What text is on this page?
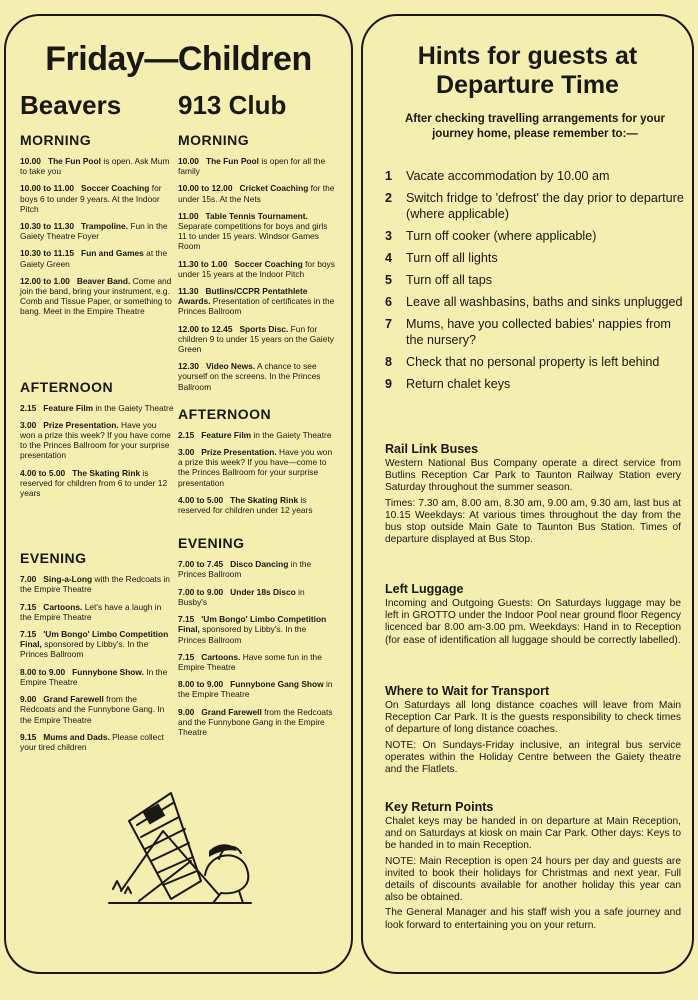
Friday—Children
Beavers
MORNING

10.00 The Fun Pool is open. Ask Mum to take you

10.00 to 11.00 Soccer Coaching for boys 6 to under 9 years. At the Indoor Pitch

10.30 to 11.30 Trampoline. Fun in the Gaiety Theatre Foyer

10.30 to 11.15 Fun and Games at the Gaiety Green

12.00 to 1.00 Beaver Band. Come and join the band, bring your instrument, e.g. Comb and Tissue Paper, or something to bang. Meet in the Empire Theatre

AFTERNOON

2.15 Feature Film in the Gaiety Theatre

3.00 Prize Presentation. Have you won a prize this week? If you have come to the Princes Ballroom for your surprise presentation

4.00 to 5.00 The Skating Rink is reserved for children from 6 to under 12 years

EVENING

7.00 Sing-a-Long with the Redcoats in the Empire Theatre

7.15 Cartoons. Let's have a laugh in the Empire Theatre

7.15 'Um Bongo' Limbo Competition Final, sponsored by Libby's. In the Princes Ballroom

8.00 to 9.00 Funnybone Show. In the Empire Theatre

9.00 Grand Farewell from the Redcoats and the Funnybone Gang. In the Empire Theatre

9.15 Mums and Dads. Please collect your tired children

913 Club
MORNING

10.00 The Fun Pool is open for all the family

10.00 to 12.00 Cricket Coaching for the under 15s. At the Nets

11.00 Table Tennis Tournament. Separate competitions for boys and girls 11 to under 15 years. Windsor Games Room

11.30 to 1.00 Soccer Coaching for boys under 15 years at the Indoor Pitch

11.30 Butlins/CCPR Pentathlete Awards. Presentation of certificates in the Princes Ballroom

12.00 to 12.45 Sports Disc. Fun for children 9 to under 15 years on the Gaiety Green

12.30 Video News. A chance to see yourself on the screens. In the Princes Ballroom

AFTERNOON

2.15 Feature Film in the Gaiety Theatre

3.00 Prize Presentation. Have you won a prize this week? If you have—come to the Princes Ballroom for your surprise presentation

4.00 to 5.00 The Skating Rink is reserved for children under 12 years

EVENING

7.00 to 7.45 Disco Dancing in the Princes Ballroom

7.00 to 9.00 Under 18s Disco in Busby's

7.15 'Um Bongo' Limbo Competition Final, sponsored by Libby's. In the Princes Ballroom

7.15 Cartoons. Have some fun in the Empire Theatre

8.00 to 9.00 Funnybone Gang Show in the Empire Theatre

9.00 Grand Farewell from the Redcoats and the Funnybone Gang in the Empire Theatre

Hints for guests at
Departure Time

After checking travelling arrangements for your journey home, please remember to:—

1
	Vacate accommodation by 10.00 am
2
	Switch fridge to 'defrost' the day prior to departure (where applicable)
3
	Turn off cooker (where applicable)
4
	Turn off all lights
5
	Turn off all taps
6
	Leave all washbasins, baths and sinks unplugged
7
	Mums, have you collected babies' nappies from the nursery?
8
	Check that no personal property is left behind
9
	Return chalet keys
Rail Link Buses

Western National Bus Company operate a direct service from Butlins Reception Car Park to Taunton Railway Station every Saturday throughout the summer season.

Times: 7.30 am, 8.00 am, 8.30 am, 9.00 am, 9.30 am, last bus at 10.15 Weekdays: At various times throughout the day from the bus stop outside Main Gate to Taunton Bus Station. Times of departure displayed at Bus Stop.

Left Luggage

Incoming and Outgoing Guests: On Saturdays luggage may be left in GROTTO under the Indoor Pool near ground floor Regency licenced bar 8.00 am-3.00 pm. Weekdays: Hand in to Reception (for ease of identification all luggage should be correctly labelled).

Where to Wait for Transport

On Saturdays all long distance coaches will leave from Main Reception Car Park. It is the guests responsibility to check times of departure of long distance coaches.

NOTE: On Sundays-Friday inclusive, an integral bus service operates within the Holiday Centre between the Gaiety theatre and the Flatlets.

Key Return Points

Chalet keys may be handed in on departure at Main Reception, and on Saturdays at kiosk on main Car Park. Other days: Keys to be handed in to main Reception.

NOTE: Main Reception is open 24 hours per day and guests are invited to book their holidays for Christmas and next year. Full details of discounts available for another holiday this year can also be obtained.

The General Manager and his staff wish you a safe journey and look forward to entertaining you on your return.
